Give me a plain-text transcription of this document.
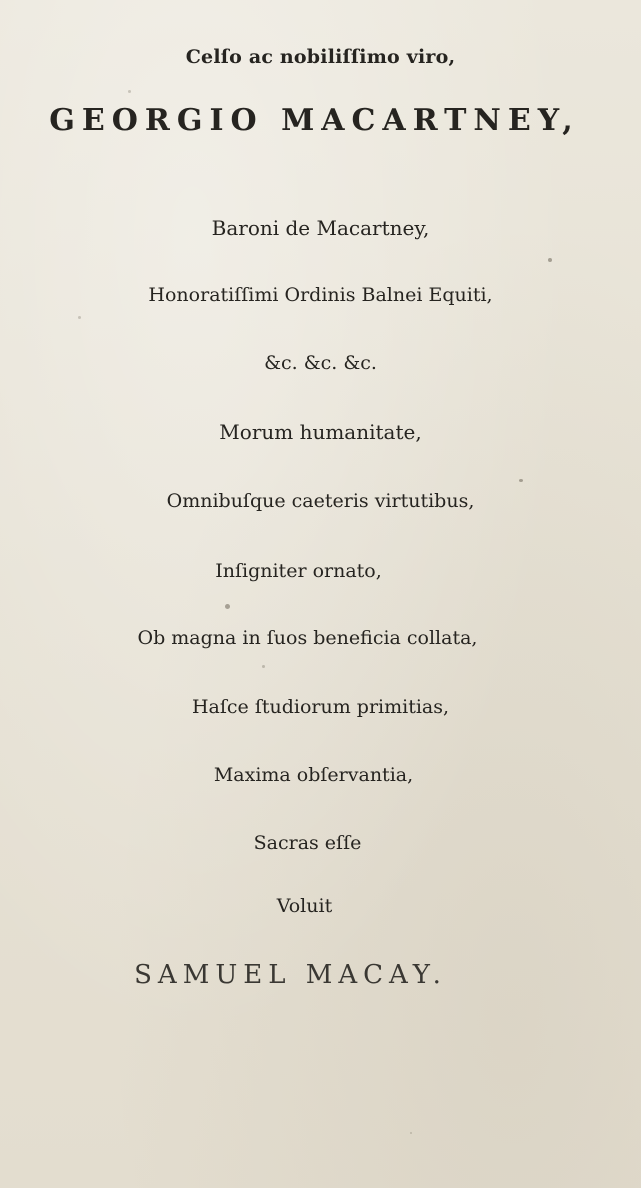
Celſo ac nobiliſſimo viro,
GEORGIO MACARTNEY,
Baroni de Macartney,
Honoratiſſimi Ordinis Balnei Equiti,
&c. &c. &c.
Morum humanitate,
Omnibuſque caeteris virtutibus,
Inſigniter ornato,
Ob magna in ſuos beneficia collata,
Haſce ſtudiorum primitias,
Maxima obſervantia,
Sacras eſſe
Voluit
SAMUEL MACAY.
